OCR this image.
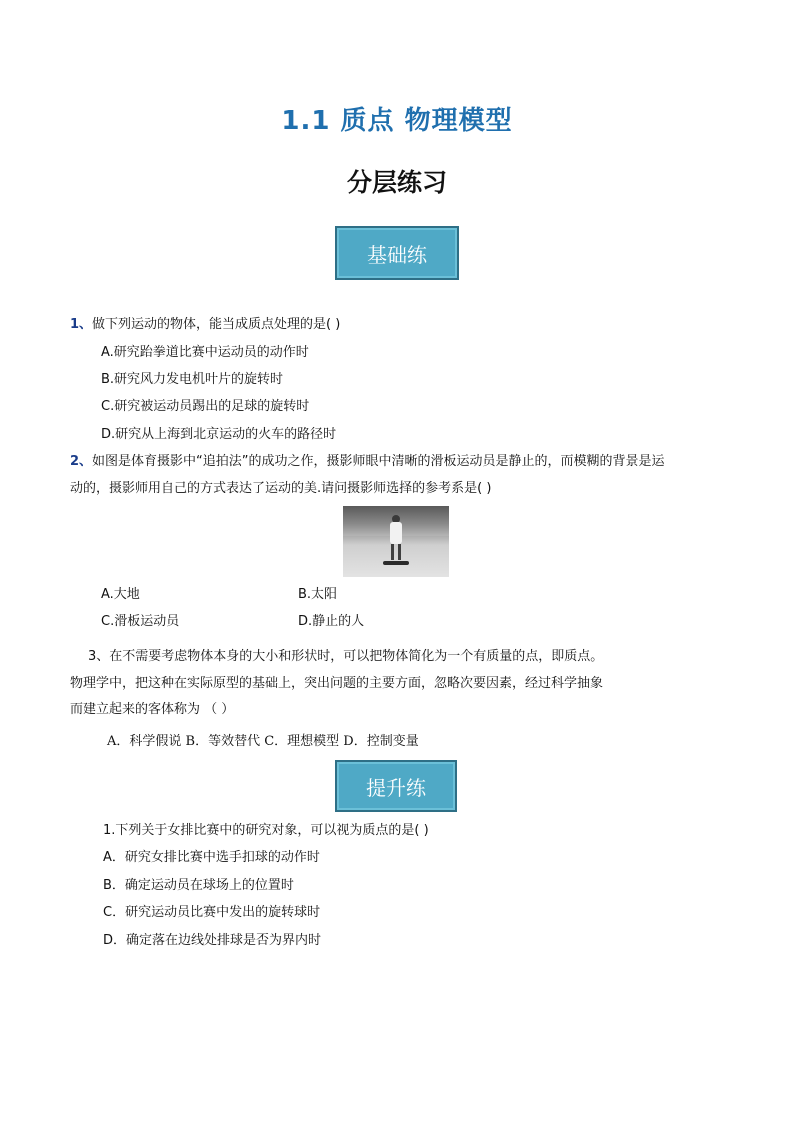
1.1 质点 物理模型
分层练习
基础练
1、做下列运动的物体，能当成质点处理的是( )
A.研究跆拳道比赛中运动员的动作时
B.研究风力发电机叶片的旋转时
C.研究被运动员踢出的足球的旋转时
D.研究从上海到北京运动的火车的路径时
2、如图是体育摄影中“追拍法”的成功之作，摄影师眼中清晰的滑板运动员是静止的，而模糊的背景是运
动的，摄影师用自己的方式表达了运动的美.请问摄影师选择的参考系是( )
A.大地	B.太阳
C.滑板运动员	D.静止的人
3、在不需要考虑物体本身的大小和形状时，可以把物体简化为一个有质量的点，即质点。
物理学中，把这种在实际原型的基础上，突出问题的主要方面，忽略次要因素，经过科学抽象
而建立起来的客体称为 （ ）
A．科学假说 B．等效替代 C．理想模型 D．控制变量
提升练
1.下列关于女排比赛中的研究对象，可以视为质点的是( )
A．研究女排比赛中选手扣球的动作时
B．确定运动员在球场上的位置时
C．研究运动员比赛中发出的旋转球时
D．确定落在边线处排球是否为界内时
